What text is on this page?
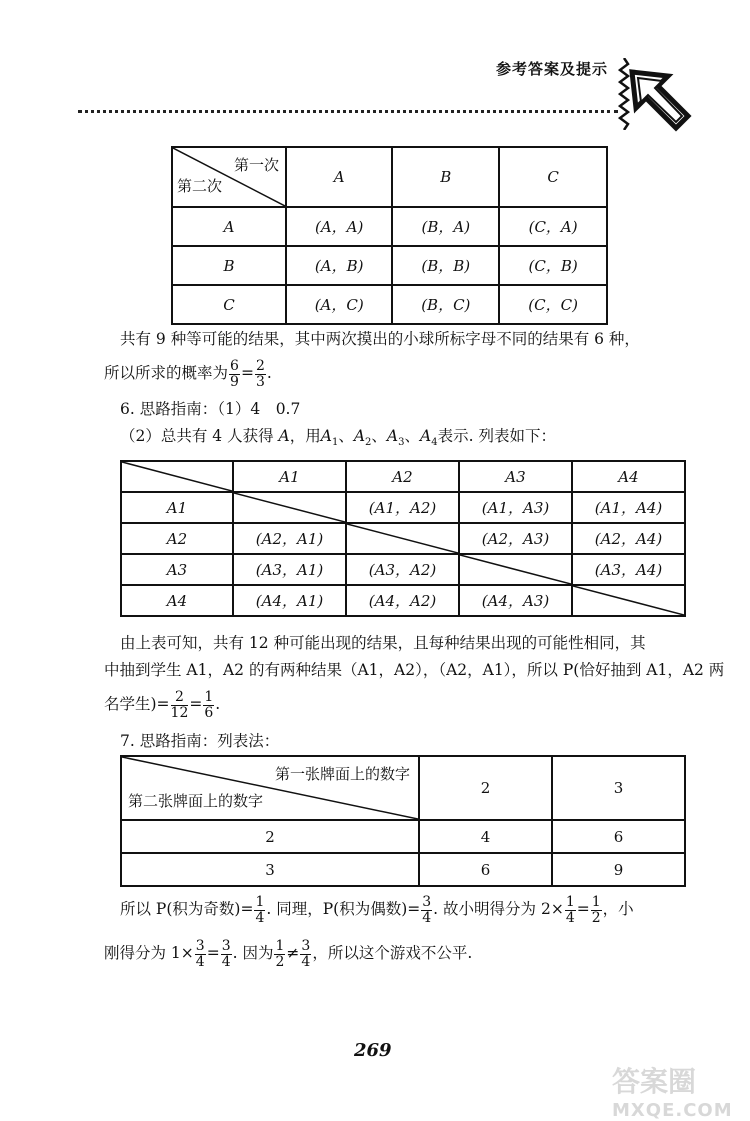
参考答案及提示
第一次
第二次	A	B	C
A	(A，A)	(B，A)	(C，A)
B	(A，B)	(B，B)	(C，B)
C	(A，C)	(B，C)	(C，C)
共有 9 种等可能的结果，其中两次摸出的小球所标字母不同的结果有 6 种，
所以所求的概率为 $\frac{6}{9} = \frac{2}{3}$ .
6. 思路指南：（1）4　0.7
（2）总共有 4 人获得 A，用$A_1$、$A_2$、$A_3$、$A_4$表示. 列表如下：
	A1	A2	A3	A4
A1		(A1，A2)	(A1，A3)	(A1，A4)
A2	(A2，A1)		(A2，A3)	(A2，A4)
A3	(A3，A1)	(A3，A2)		(A3，A4)
A4	(A4，A1)	(A4，A2)	(A4，A3)	
由上表可知，共有 12 种可能出现的结果，且每种结果出现的可能性相同，其
中抽到学生 A1，A2 的有两种结果（A1，A2），（A2，A1），所以 P(恰好抽到 A1，A2 两
名学生)= $\frac{2}{12} = \frac{1}{6}$ .
7. 思路指南：列表法：
第一张牌面上的数字
第二张牌面上的数字	2	3
2	4	6
3	6	9
所以 P(积为奇数)= $\frac{1}{4}$ . 同理，P(积为偶数)= $\frac{3}{4}$ . 故小明得分为 $2\times \frac{1}{4} = \frac{1}{2}$ ，小
刚得分为 $1\times \frac{3}{4} = \frac{3}{4}$ . 因为 $\frac{1}{2} \ne \frac{3}{4}$ ，所以这个游戏不公平.
269
答案圈
MXQE.COM
